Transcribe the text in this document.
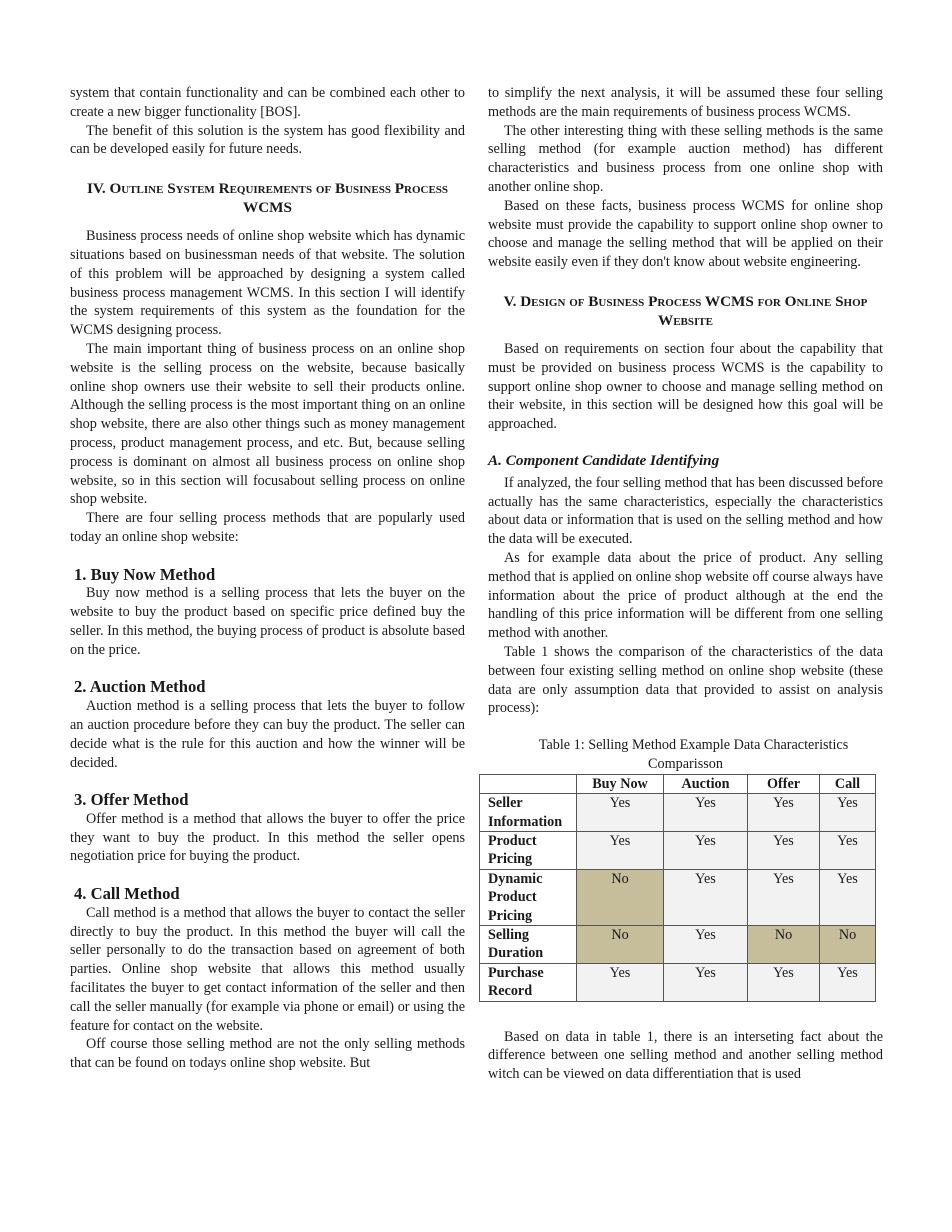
system that contain functionality and can be combined each other to create a new bigger functionality [BOS].

The benefit of this solution is the system has good flexibility and can be developed easily for future needs.

IV. Outline System Requirements of Business Process WCMS

Business process needs of online shop website which has dynamic situations based on businessman needs of that website. The solution of this problem will be approached by designing a system called business process management WCMS. In this section I will identify the system requirements of this system as the foundation for the WCMS designing process.

The main important thing of business process on an online shop website is the selling process on the website, because basically online shop owners use their website to sell their products online. Although the selling process is the most important thing on an online shop website, there are also other things such as money management process, product management process, and etc. But, because selling process is dominant on almost all business process on online shop website, so in this section will focusabout selling process on online shop website.

There are four selling process methods that are popularly used today an online shop website:

1. Buy Now Method

Buy now method is a selling process that lets the buyer on the website to buy the product based on specific price defined buy the seller. In this method, the buying process of product is absolute based on the price.

2. Auction Method

Auction method is a selling process that lets the buyer to follow an auction procedure before they can buy the product. The seller can decide what is the rule for this auction and how the winner will be decided.

3. Offer Method

Offer method is a method that allows the buyer to offer the price they want to buy the product. In this method the seller opens negotiation price for buying the product.

4. Call Method

Call method is a method that allows the buyer to contact the seller directly to buy the product. In this method the buyer will call the seller personally to do the transaction based on agreement of both parties. Online shop website that allows this method usually facilitates the buyer to get contact information of the seller and then call the seller manually (for example via phone or email) or using the feature for contact on the website.

Off course those selling method are not the only selling methods that can be found on todays online shop website. But

to simplify the next analysis, it will be assumed these four selling methods are the main requirements of business process WCMS.

The other interesting thing with these selling methods is the same selling method (for example auction method) has different characteristics and business process from one online shop with another online shop.

Based on these facts, business process WCMS for online shop website must provide the capability to support online shop owner to choose and manage the selling method that will be applied on their website easily even if they don't know about website engineering.

V. Design of Business Process WCMS for Online Shop Website

Based on requirements on section four about the capability that must be provided on business process WCMS is the capability to support online shop owner to choose and manage selling method on their website, in this section will be designed how this goal will be approached.

A. Component Candidate Identifying

If analyzed, the four selling method that has been discussed before actually has the same characteristics, especially the characteristics about data or information that is used on the selling method and how the data will be executed.

As for example data about the price of product. Any selling method that is applied on online shop website off course always have information about the price of product although at the end the handling of this price information will be different from one selling method with another.

Table 1 shows the comparison of the characteristics of the data between four existing selling method on online shop website (these data are only assumption data that provided to assist on analysis process):

Table 1: Selling Method Example Data Characteristics Comparisson

	Buy Now	Auction	Offer	Call
Seller Information	Yes	Yes	Yes	Yes
Product Pricing	Yes	Yes	Yes	Yes
Dynamic Product Pricing	No	Yes	Yes	Yes
Selling Duration	No	Yes	No	No
Purchase Record	Yes	Yes	Yes	Yes

Based on data in table 1, there is an interseting fact about the difference between one selling method and another selling method witch can be viewed on data differentiation that is used
